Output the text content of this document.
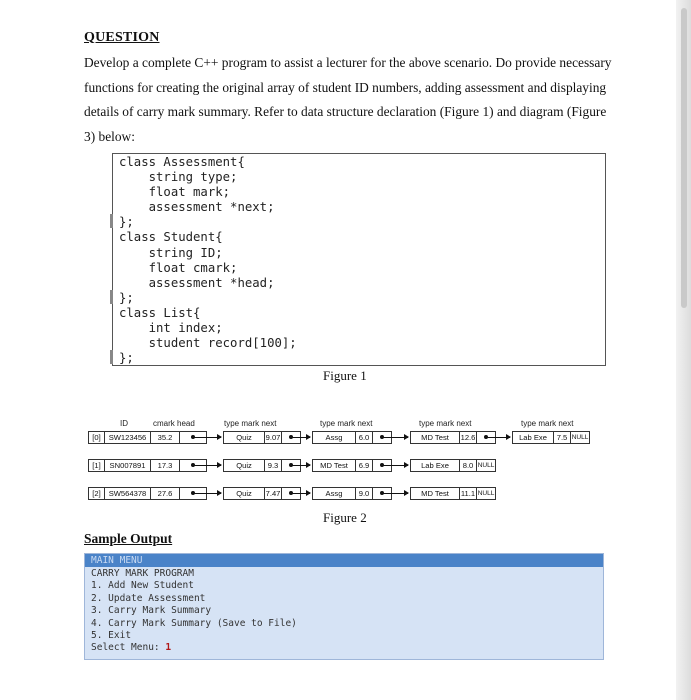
QUESTION
Develop a complete C++ program to assist a lecturer for the above scenario. Do provide necessary
functions for creating the original array of student ID numbers, adding assessment and displaying
details of carry mark summary. Refer to data structure declaration (Figure 1) and diagram (Figure
3) below:
class Assessment{
string type;
float mark;
assessment *next;
};
class Student{
string ID;
float cmark;
assessment *head;
};
class List{
int index;
student record[100];
};
Figure 1
ID	cmark head	type mark next	type mark next	type mark next	type mark next
[0]	SW123456	35.2	Quiz	9.07	Assg	6.0	MD Test	12.6	Lab Exe	7.5 NULL
[1]	SN007891	17.3	Quiz	9.3	MD Test	6.9	Lab Exe	8.0 NULL
[2]	SW564378	27.6	Quiz	7.47	Assg	9.0	MD Test	11.1 NULL
Figure 2
Sample Output
MAIN MENU
CARRY MARK PROGRAM
1. Add New Student
2. Update Assessment
3. Carry Mark Summary
4. Carry Mark Summary (Save to File)
5. Exit
Select Menu: 1
